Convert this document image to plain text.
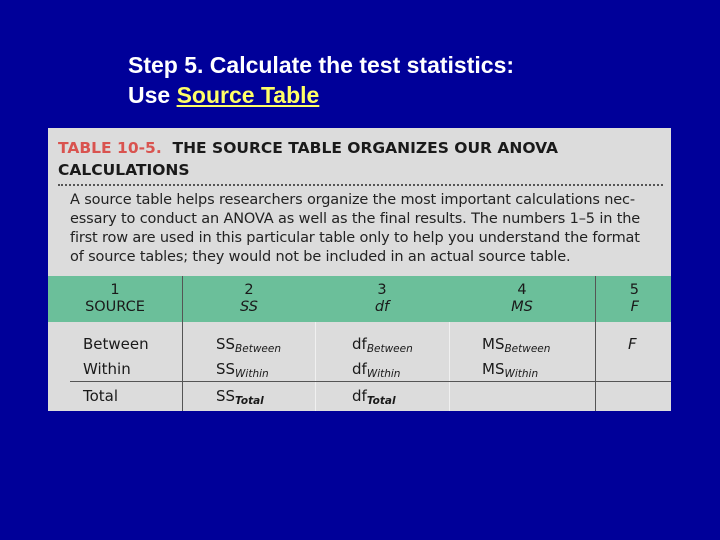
Step 5. Calculate the test statistics:
Use Source Table
TABLE 10-5. THE SOURCE TABLE ORGANIZES OUR ANOVA
CALCULATIONS
A source table helps researchers organize the most important calculations nec-
essary to conduct an ANOVA as well as the final results. The numbers 1–5 in the
first row are used in this particular table only to help you understand the format
of source tables; they would not be included in an actual source table.
1
SOURCE
2
SS
3
df
4
MS
5
F
Between
Within
Total
$SS_{Between}$
$SS_{Within}$
$SS_{Total}$
$df_{Between}$
$df_{Within}$
$df_{Total}$
$MS_{Between}$
$MS_{Within}$
F
